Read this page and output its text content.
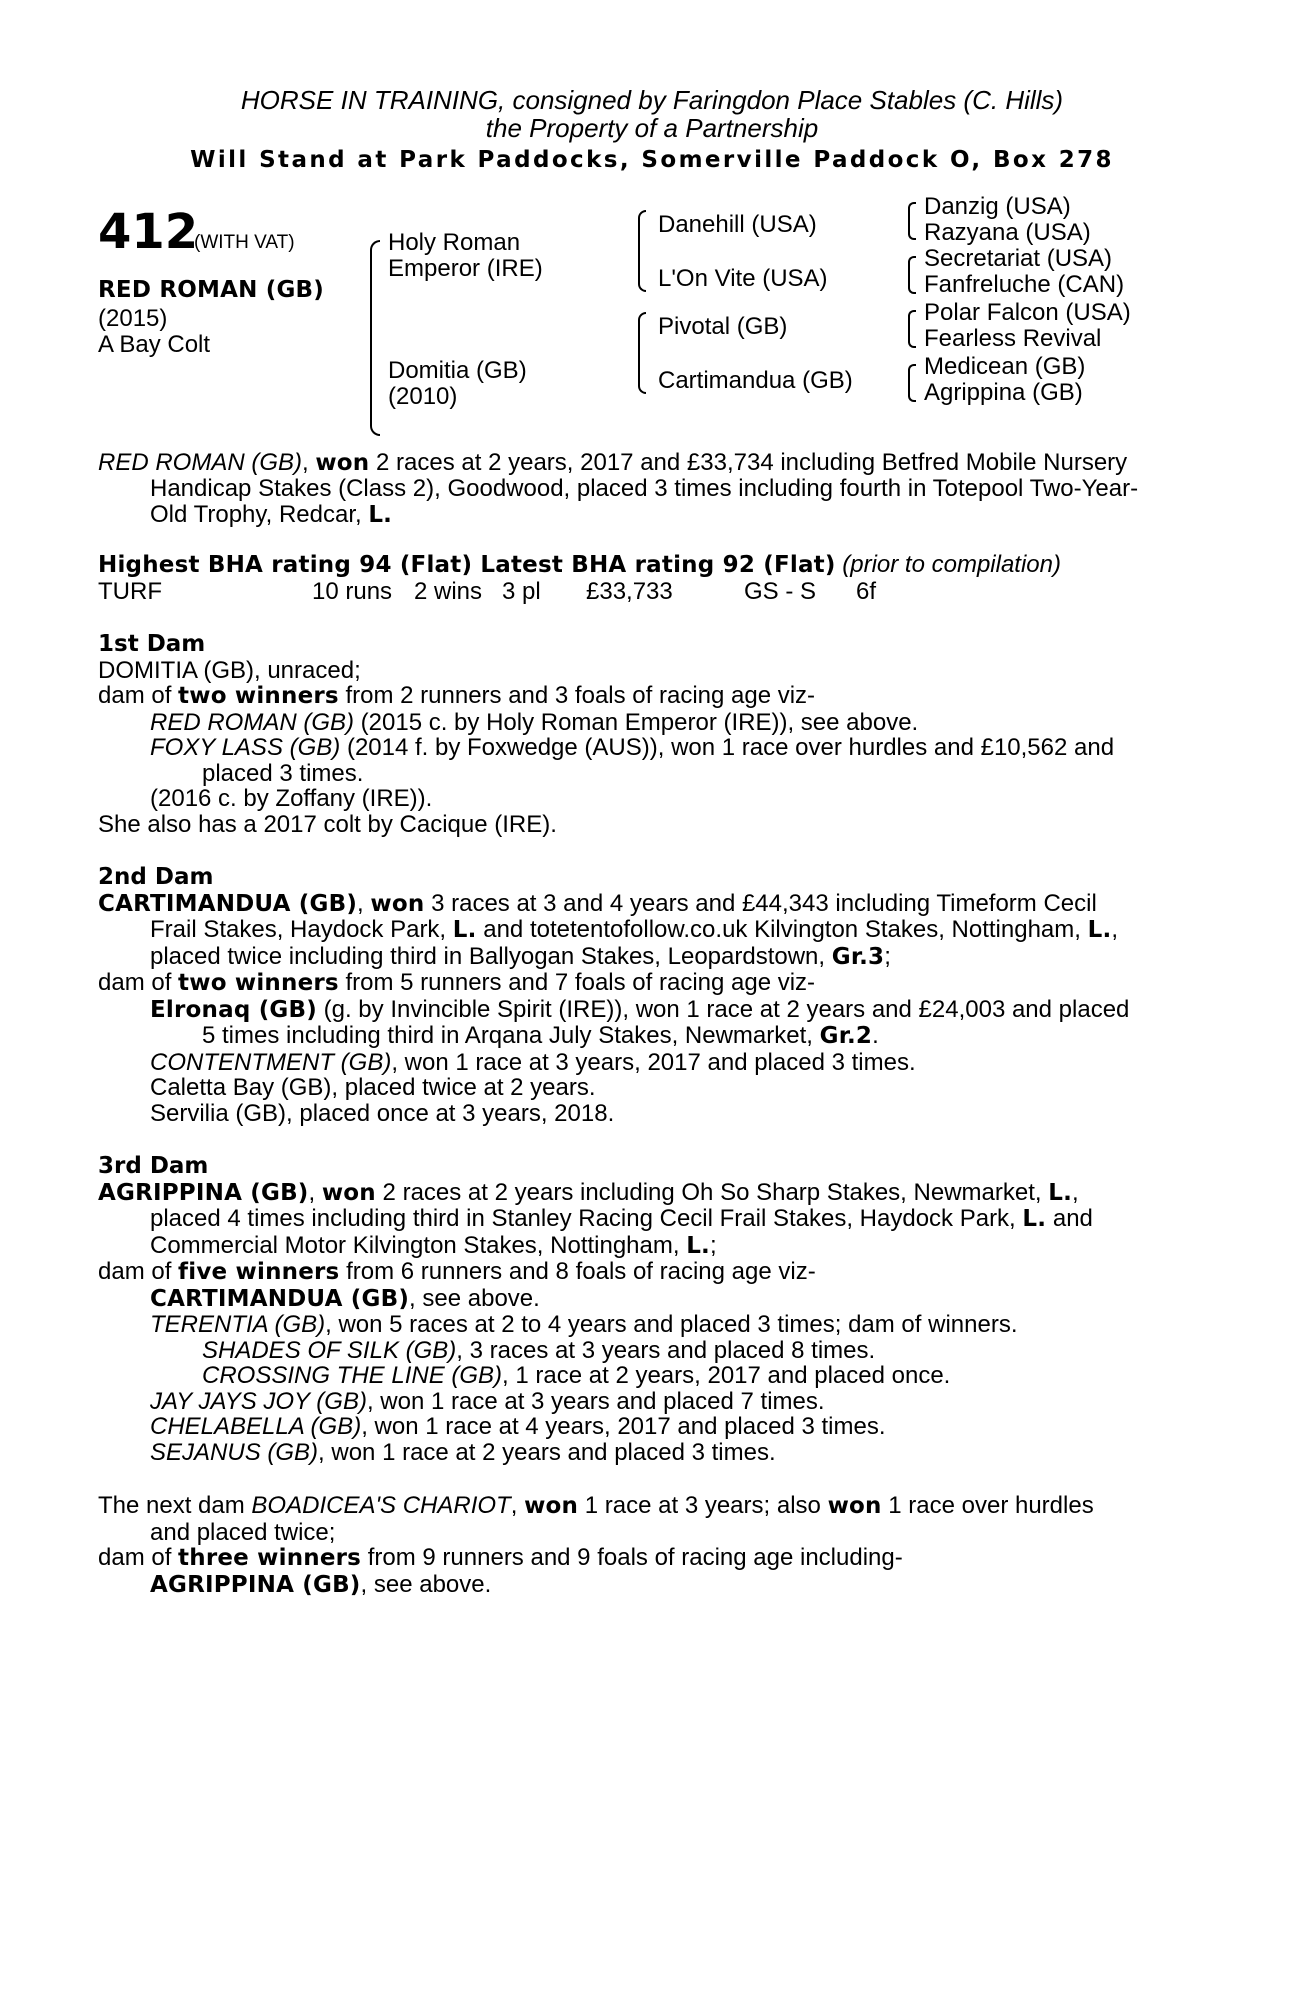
HORSE IN TRAINING, consigned by Faringdon Place Stables (C. Hills)
the Property of a Partnership
Will Stand at Park Paddocks, Somerville Paddock O, Box 278
412
(WITH VAT)
RED ROMAN (GB)
(2015)
A Bay Colt
Holy Roman
Emperor (IRE)
Domitia (GB)
(2010)
Danehill (USA)
L'On Vite (USA)
Pivotal (GB)
Cartimandua (GB)
Danzig (USA)
Razyana (USA)
Secretariat (USA)
Fanfreluche (CAN)
Polar Falcon (USA)
Fearless Revival
Medicean (GB)
Agrippina (GB)
RED ROMAN (GB), won 2 races at 2 years, 2017 and £33,734 including Betfred Mobile Nursery
Handicap Stakes (Class 2), Goodwood, placed 3 times including fourth in Totepool Two-Year-
Old Trophy, Redcar, L.
Highest BHA rating 94 (Flat) Latest BHA rating 92 (Flat) (prior to compilation)
TURF	10 runs 2 wins 3 pl £33,733	GS - S 6f
1st Dam
DOMITIA (GB), unraced;
dam of two winners from 2 runners and 3 foals of racing age viz-
RED ROMAN (GB) (2015 c. by Holy Roman Emperor (IRE)), see above.
FOXY LASS (GB) (2014 f. by Foxwedge (AUS)), won 1 race over hurdles and £10,562 and
placed 3 times.
(2016 c. by Zoffany (IRE)).
She also has a 2017 colt by Cacique (IRE).
2nd Dam
CARTIMANDUA (GB), won 3 races at 3 and 4 years and £44,343 including Timeform Cecil
Frail Stakes, Haydock Park, L. and totetentofollow.co.uk Kilvington Stakes, Nottingham, L.,
placed twice including third in Ballyogan Stakes, Leopardstown, Gr.3;
dam of two winners from 5 runners and 7 foals of racing age viz-
Elronaq (GB) (g. by Invincible Spirit (IRE)), won 1 race at 2 years and £24,003 and placed
5 times including third in Arqana July Stakes, Newmarket, Gr.2.
CONTENTMENT (GB), won 1 race at 3 years, 2017 and placed 3 times.
Caletta Bay (GB), placed twice at 2 years.
Servilia (GB), placed once at 3 years, 2018.
3rd Dam
AGRIPPINA (GB), won 2 races at 2 years including Oh So Sharp Stakes, Newmarket, L.,
placed 4 times including third in Stanley Racing Cecil Frail Stakes, Haydock Park, L. and
Commercial Motor Kilvington Stakes, Nottingham, L.;
dam of five winners from 6 runners and 8 foals of racing age viz-
CARTIMANDUA (GB), see above.
TERENTIA (GB), won 5 races at 2 to 4 years and placed 3 times; dam of winners.
SHADES OF SILK (GB), 3 races at 3 years and placed 8 times.
CROSSING THE LINE (GB), 1 race at 2 years, 2017 and placed once.
JAY JAYS JOY (GB), won 1 race at 3 years and placed 7 times.
CHELABELLA (GB), won 1 race at 4 years, 2017 and placed 3 times.
SEJANUS (GB), won 1 race at 2 years and placed 3 times.
The next dam BOADICEA'S CHARIOT, won 1 race at 3 years; also won 1 race over hurdles
and placed twice;
dam of three winners from 9 runners and 9 foals of racing age including-
AGRIPPINA (GB), see above.
